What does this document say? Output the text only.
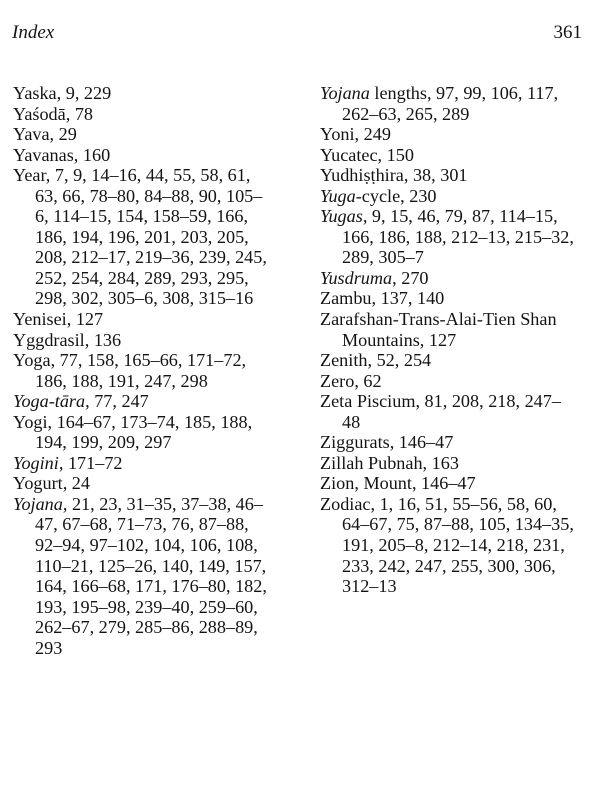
Index	361
Yaska, 9, 229
Yaśodā, 78
Yava, 29
Yavanas, 160
Year, 7, 9, 14–16, 44, 55, 58, 61,
63, 66, 78–80, 84–88, 90, 105–
6, 114–15, 154, 158–59, 166,
186, 194, 196, 201, 203, 205,
208, 212–17, 219–36, 239, 245,
252, 254, 284, 289, 293, 295,
298, 302, 305–6, 308, 315–16
Yenisei, 127
Yggdrasil, 136
Yoga, 77, 158, 165–66, 171–72,
186, 188, 191, 247, 298
Yoga-tāra, 77, 247
Yogi, 164–67, 173–74, 185, 188,
194, 199, 209, 297
Yogini, 171–72
Yogurt, 24
Yojana, 21, 23, 31–35, 37–38, 46–
47, 67–68, 71–73, 76, 87–88,
92–94, 97–102, 104, 106, 108,
110–21, 125–26, 140, 149, 157,
164, 166–68, 171, 176–80, 182,
193, 195–98, 239–40, 259–60,
262–67, 279, 285–86, 288–89,
293
Yojana lengths, 97, 99, 106, 117,
262–63, 265, 289
Yoni, 249
Yucatec, 150
Yudhiṣṭhira, 38, 301
Yuga-cycle, 230
Yugas, 9, 15, 46, 79, 87, 114–15,
166, 186, 188, 212–13, 215–32,
289, 305–7
Yusdruma, 270
Zambu, 137, 140
Zarafshan-Trans-Alai-Tien Shan
Mountains, 127
Zenith, 52, 254
Zero, 62
Zeta Piscium, 81, 208, 218, 247–
48
Ziggurats, 146–47
Zillah Pubnah, 163
Zion, Mount, 146–47
Zodiac, 1, 16, 51, 55–56, 58, 60,
64–67, 75, 87–88, 105, 134–35,
191, 205–8, 212–14, 218, 231,
233, 242, 247, 255, 300, 306,
312–13
